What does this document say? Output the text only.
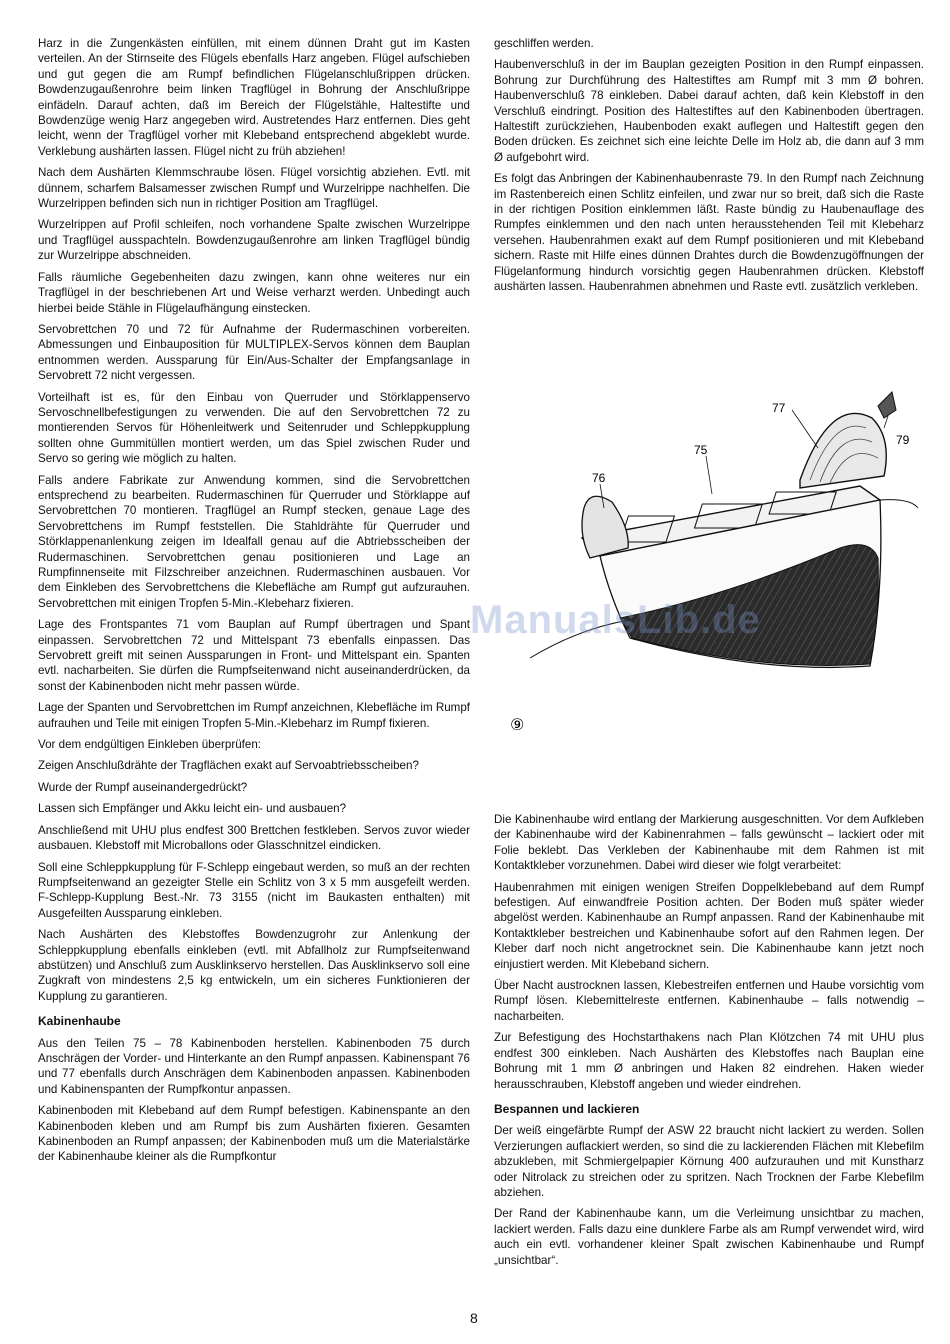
Harz in die Zungenkästen einfüllen, mit einem dünnen Draht gut im Kasten verteilen. An der Stirnseite des Flügels ebenfalls Harz angeben. Flügel aufschieben und gut gegen die am Rumpf befindlichen Flügelanschlußrippen drücken. Bowdenzugaußenrohre beim linken Tragflügel in Bohrung der Anschlußrippe einfädeln. Darauf achten, daß im Bereich der Flügelstähle, Haltestifte und Bowdenzüge wenig Harz angegeben wird. Austretendes Harz entfernen. Dies geht leicht, wenn der Tragflügel vorher mit Klebeband entsprechend abgeklebt wurde. Verklebung aushärten lassen. Flügel nicht zu früh abziehen!

Nach dem Aushärten Klemmschraube lösen. Flügel vorsichtig abziehen. Evtl. mit dünnem, scharfem Balsamesser zwischen Rumpf und Wurzelrippe nachhelfen. Die Wurzelrippen befinden sich nun in richtiger Position am Tragflügel.

Wurzelrippen auf Profil schleifen, noch vorhandene Spalte zwischen Wurzelrippe und Tragflügel ausspachteln. Bowdenzugaußenrohre am linken Tragflügel bündig zur Wurzelrippe abschneiden.

Falls räumliche Gegebenheiten dazu zwingen, kann ohne weiteres nur ein Tragflügel in der beschriebenen Art und Weise verharzt werden. Unbedingt auch hierbei beide Stähle in Flügelaufhängung einstecken.

Servobrettchen 70 und 72 für Aufnahme der Rudermaschinen vorbereiten. Abmessungen und Einbauposition für MULTIPLEX-Servos können dem Bauplan entnommen werden. Aussparung für Ein/Aus-Schalter der Empfangsanlage in Servobrett 72 nicht vergessen.

Vorteilhaft ist es, für den Einbau von Querruder und Störklappenservo Servoschnellbefestigungen zu verwenden. Die auf den Servobrettchen 72 zu montierenden Servos für Höhenleitwerk und Seitenruder und Schleppkupplung sollten ohne Gummitüllen montiert werden, um das Spiel zwischen Ruder und Servo so gering wie möglich zu halten.

Falls andere Fabrikate zur Anwendung kommen, sind die Servobrettchen entsprechend zu bearbeiten. Rudermaschinen für Querruder und Störklappe auf Servobrettchen 70 montieren. Tragflügel an Rumpf stecken, genaue Lage des Servobrettchens im Rumpf feststellen. Die Stahldrähte für Querruder und Störklappenanlenkung zeigen im Idealfall genau auf die Abtriebsscheiben der Rudermaschinen. Servobrettchen genau positionieren und Lage an Rumpfinnenseite mit Filzschreiber anzeichnen. Rudermaschinen ausbauen. Vor dem Einkleben des Servobrettchens die Klebefläche am Rumpf gut aufzurauhen. Servobrettchen mit einigen Tropfen 5-Min.-Klebeharz fixieren.

Lage des Frontspantes 71 vom Bauplan auf Rumpf übertragen und Spant einpassen. Servobrettchen 72 und Mittelspant 73 ebenfalls einpassen. Das Servobrett greift mit seinen Aussparungen in Front- und Mittelspant ein. Spanten evtl. nacharbeiten. Sie dürfen die Rumpfseitenwand nicht auseinanderdrücken, da sonst der Kabinenboden nicht mehr passen würde.

Lage der Spanten und Servobrettchen im Rumpf anzeichnen, Klebefläche im Rumpf aufrauhen und Teile mit einigen Tropfen 5-Min.-Klebeharz im Rumpf fixieren.

Vor dem endgültigen Einkleben überprüfen:

Zeigen Anschlußdrähte der Tragflächen exakt auf Servoabtriebsscheiben?

Wurde der Rumpf auseinandergedrückt?

Lassen sich Empfänger und Akku leicht ein- und ausbauen?

Anschließend mit UHU plus endfest 300 Brettchen festkleben. Servos zuvor wieder ausbauen. Klebstoff mit Microballons oder Glasschnitzel eindicken.

Soll eine Schleppkupplung für F-Schlepp eingebaut werden, so muß an der rechten Rumpfseitenwand an gezeigter Stelle ein Schlitz von 3 x 5 mm ausgefeilt werden. F-Schlepp-Kupplung Best.-Nr. 73 3155 (nicht im Baukasten enthalten) mit Ausgefeilten Aussparung einkleben.

Nach Aushärten des Klebstoffes Bowdenzugrohr zur Anlenkung der Schleppkupplung ebenfalls einkleben (evtl. mit Abfallholz zur Rumpfseitenwand abstützen) und Anschluß zum Ausklinkservo herstellen. Das Ausklinkservo soll eine Zugkraft von mindestens 2,5 kg entwickeln, um ein sicheres Funktionieren der Kupplung zu garantieren.

Kabinenhaube

Aus den Teilen 75 – 78 Kabinenboden herstellen. Kabinenboden 75 durch Anschrägen der Vorder- und Hinterkante an den Rumpf anpassen. Kabinenspant 76 und 77 ebenfalls durch Anschrägen dem Kabinenboden anpassen. Kabinenboden und Kabinenspanten der Rumpfkontur anpassen.

Kabinenboden mit Klebeband auf dem Rumpf befestigen. Kabinenspante an den Kabinenboden kleben und am Rumpf bis zum Aushärten fixieren. Gesamten Kabinenboden an Rumpf anpassen; der Kabinenboden muß um die Materialstärke der Kabinenhaube kleiner als die Rumpfkontur

geschliffen werden.

Haubenverschluß in der im Bauplan gezeigten Position in den Rumpf einpassen. Bohrung zur Durchführung des Haltestiftes am Rumpf mit 3 mm Ø bohren. Haubenverschluß 78 einkleben. Dabei darauf achten, daß kein Klebstoff in den Verschluß eindringt. Position des Haltestiftes auf den Kabinenboden übertragen. Haltestift zurückziehen, Haubenboden exakt auflegen und Haltestift gegen den Boden drücken. Es zeichnet sich eine leichte Delle im Holz ab, die dann auf 3 mm Ø aufgebohrt wird.

Es folgt das Anbringen der Kabinenhaubenraste 79. In den Rumpf nach Zeichnung im Rastenbereich einen Schlitz einfeilen, und zwar nur so breit, daß sich die Raste in der richtigen Position einklemmen läßt. Raste bündig zu Haubenauflage des Rumpfes einklemmen und den nach unten herausstehenden Teil mit Klebeharz versehen. Haubenrahmen exakt auf dem Rumpf positionieren und mit Klebeband sichern. Raste mit Hilfe eines dünnen Drahtes durch die Bowdenzugöffnungen der Flügelanformung hindurch vorsichtig gegen Haubenrahmen drücken. Klebstoff aushärten lassen. Haubenrahmen abnehmen und Raste evtl. zusätzlich verkleben.

77
79
75
76
⑨
ManualsLib.de

Die Kabinenhaube wird entlang der Markierung ausgeschnitten. Vor dem Aufkleben der Kabinenhaube wird der Kabinenrahmen – falls gewünscht – lackiert oder mit Folie beklebt. Das Verkleben der Kabinenhaube mit dem Rahmen ist mit Kontaktkleber vorzunehmen. Dabei wird dieser wie folgt verarbeitet:

Haubenrahmen mit einigen wenigen Streifen Doppelklebeband auf dem Rumpf befestigen. Auf einwandfreie Position achten. Der Boden muß später wieder abgelöst werden. Kabinenhaube an Rumpf anpassen. Rand der Kabinenhaube mit Kontaktkleber bestreichen und Kabinenhaube sofort auf den Rahmen legen. Der Kleber darf noch nicht angetrocknet sein. Die Kabinenhaube kann jetzt noch einjustiert werden. Mit Klebeband sichern.

Über Nacht austrocknen lassen, Klebestreifen entfernen und Haube vorsichtig vom Rumpf lösen. Klebemittelreste entfernen. Kabinenhaube – falls notwendig – nacharbeiten.

Zur Befestigung des Hochstarthakens nach Plan Klötzchen 74 mit UHU plus endfest 300 einkleben. Nach Aushärten des Klebstoffes nach Bauplan eine Bohrung mit 1 mm Ø anbringen und Haken 82 eindrehen. Haken wieder herausschrauben, Klebstoff angeben und wieder eindrehen.

Bespannen und lackieren

Der weiß eingefärbte Rumpf der ASW 22 braucht nicht lackiert zu werden. Sollen Verzierungen auflackiert werden, so sind die zu lackierenden Flächen mit Klebefilm abzukleben, mit Schmiergelpapier Körnung 400 aufzurauhen und mit Kunstharz oder Nitrolack zu streichen oder zu spritzen. Nach Trocknen der Farbe Klebefilm abziehen.

Der Rand der Kabinenhaube kann, um die Verleimung unsichtbar zu machen, lackiert werden. Falls dazu eine dunklere Farbe als am Rumpf verwendet wird, wird auch ein evtl. vorhandener kleiner Spalt zwischen Kabinenhaube und Rumpf „unsichtbar“.

8
